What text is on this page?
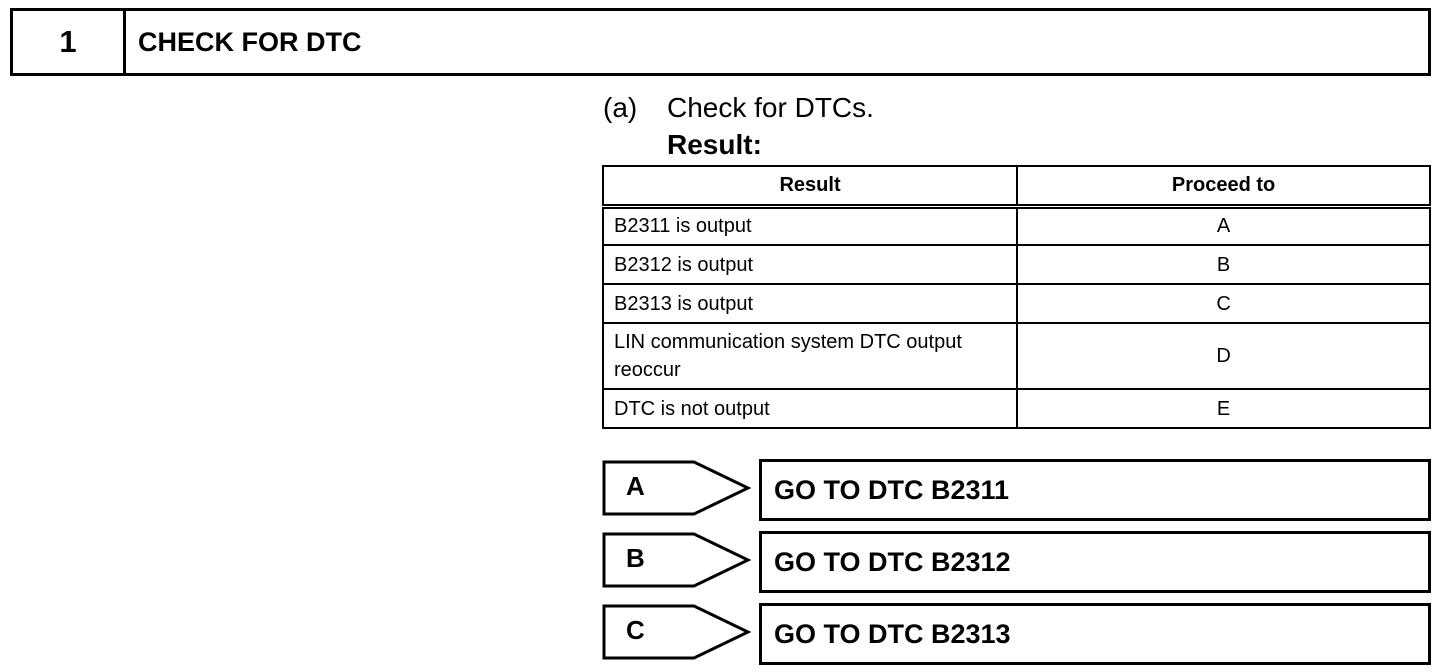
1	CHECK FOR DTC
(a) Check for DTCs.
Result:
Result	Proceed to
B2311 is output	A
B2312 is output	B
B2313 is output	C
LIN communication system DTC output reoccur	D
DTC is not output	E
A	GO TO DTC B2311
B	GO TO DTC B2312
C	GO TO DTC B2313
